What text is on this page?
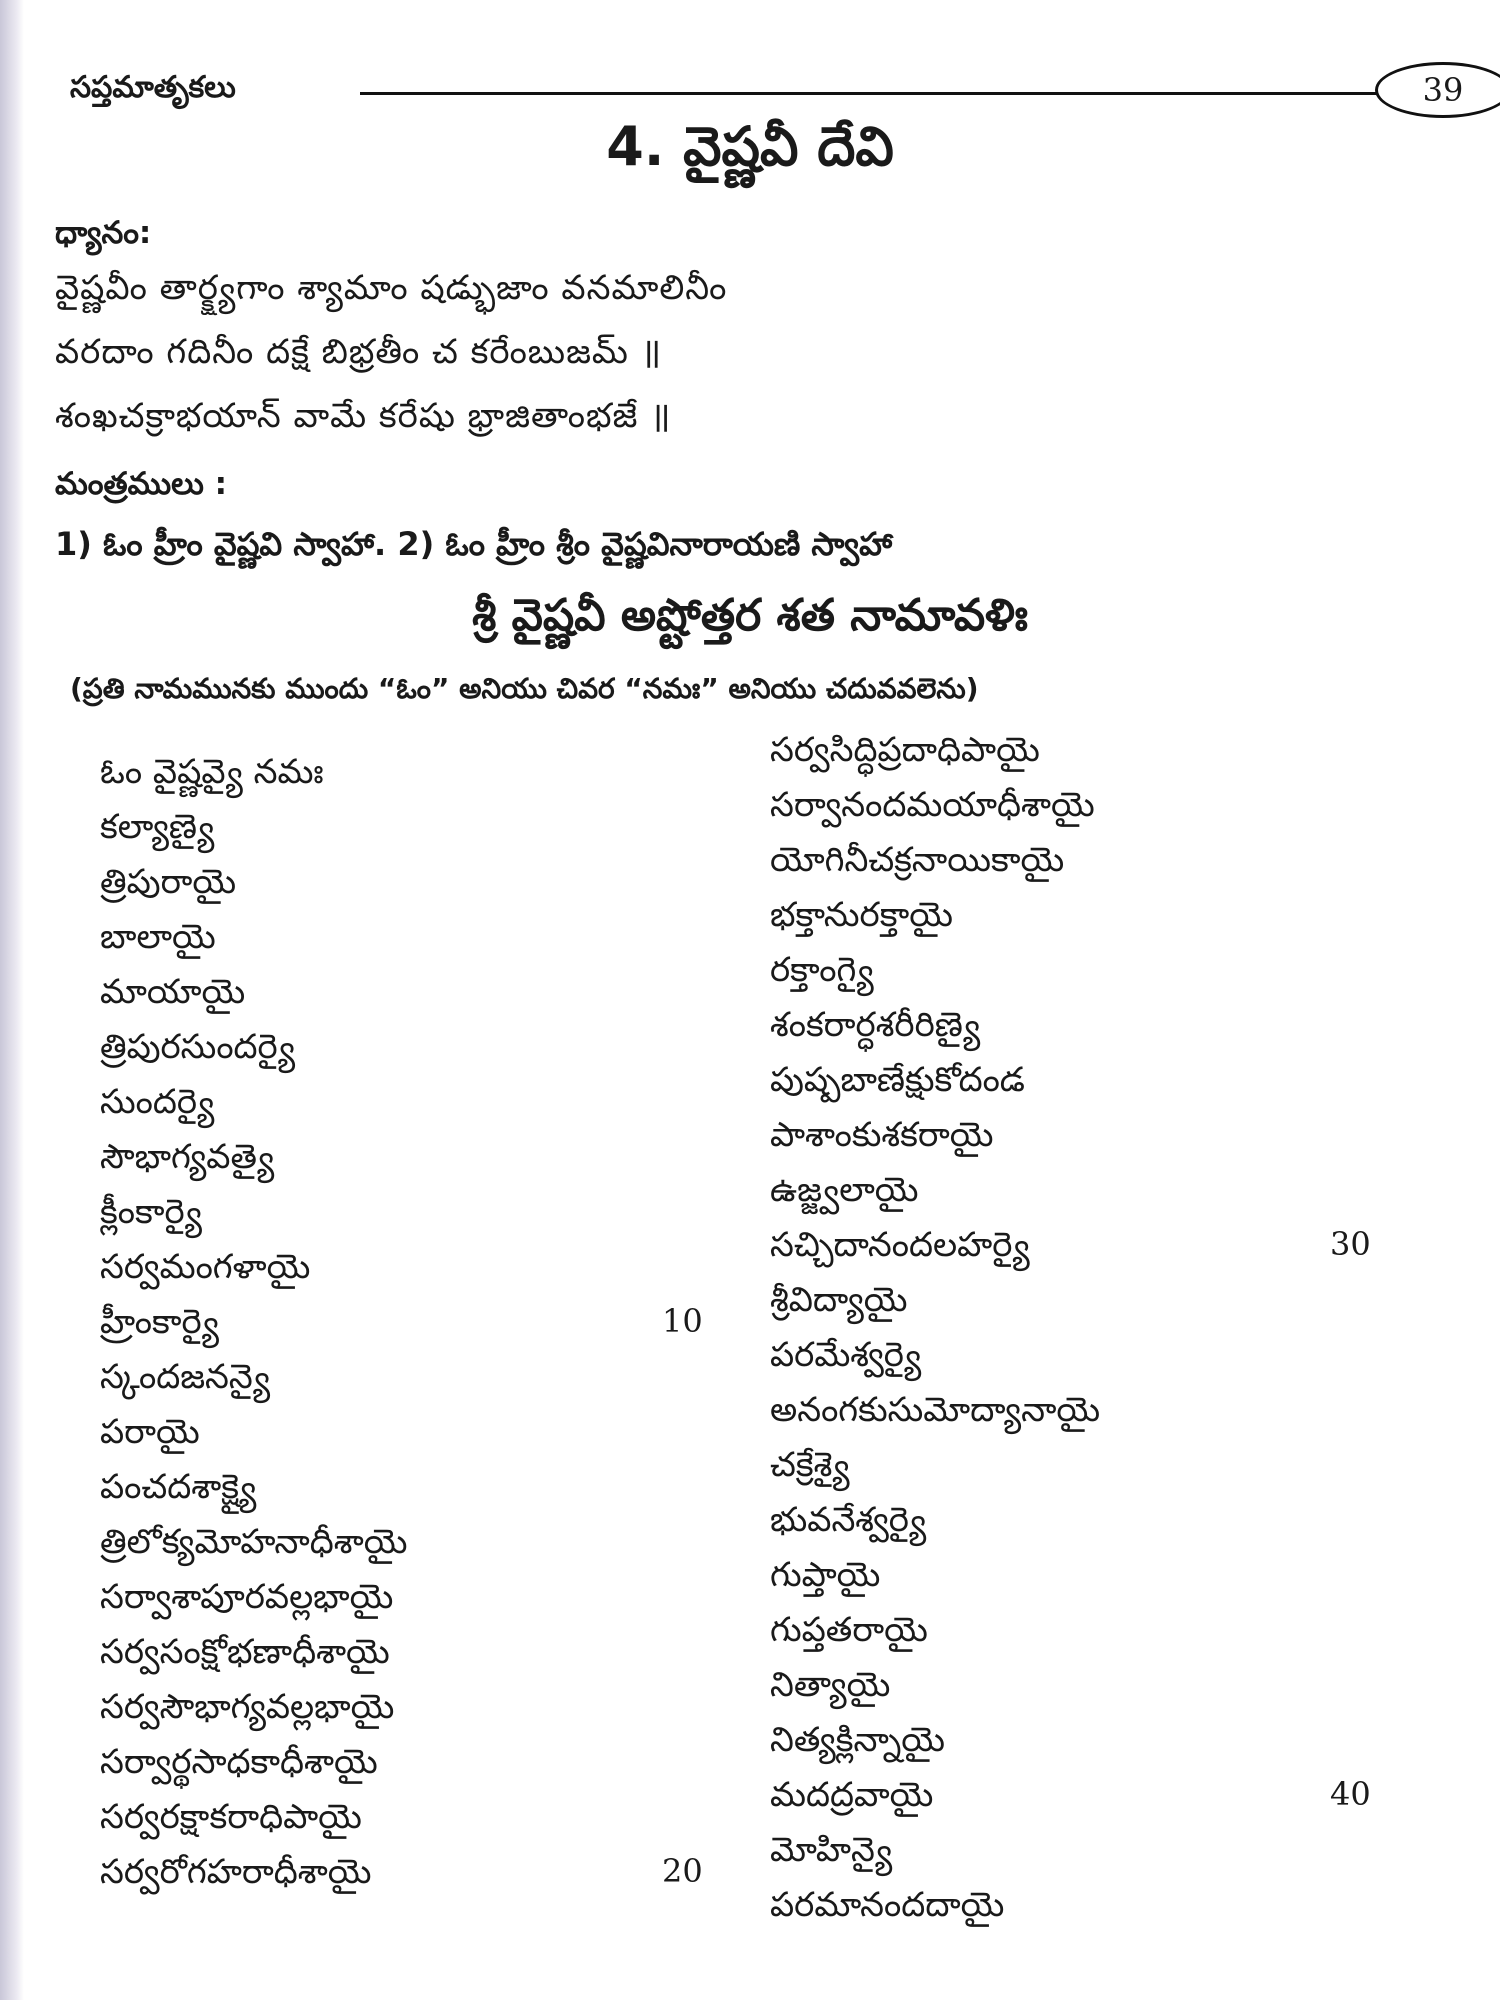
సప్తమాతృకలు	39
4. వైష్ణవీ దేవి
ధ్యానం:
వైష్ణవీం తార్క్ష్యగాం శ్యామాం షడ్భుజాం వనమాలినీం
వరదాం గదినీం దక్షే బిభ్రతీం చ కరేంబుజమ్ ॥
శంఖచక్రాభయాన్ వామే కరేషు భ్రాజితాంభజే ॥
మంత్రములు :
1) ఓం హ్రీం వైష్ణవి స్వాహా. 2) ఓం హ్రీం శ్రీం వైష్ణవినారాయణి స్వాహా
శ్రీ వైష్ణవీ అష్టోత్తర శత నామావళిః
(ప్రతి నామమునకు ముందు “ఓం” అనియు చివర “నమః” అనియు చదువవలెను)
ఓం వైష్ణవ్యై నమః
కల్యాణ్యై
త్రిపురాయై
బాలాయై
మాయాయై
త్రిపురసుందర్యై
సుందర్యై
సౌభాగ్యవత్యై
క్లీంకార్యై
సర్వమంగళాయై
హ్రీంకార్యై
స్కందజనన్యై
పరాయై
పంచదశాక్ష్యై
త్రిలోక్యమోహనాధీశాయై
సర్వాశాపూరవల్లభాయై
సర్వసంక్షోభణాధీశాయై
సర్వసౌభాగ్యవల్లభాయై
సర్వార్థసాధకాధీశాయై
సర్వరక్షాకరాధిపాయై
సర్వరోగహరాధీశాయై
10
20
సర్వసిద్ధిప్రదాధిపాయై
సర్వానందమయాధీశాయై
యోగినీచక్రనాయికాయై
భక్తానురక్తాయై
రక్తాంగ్యై
శంకరార్ధశరీరిణ్యై
పుష్పబాణేక్షుకోదండ
పాశాంకుశకరాయై
ఉజ్జ్వలాయై
సచ్చిదానందలహర్యై
శ్రీవిద్యాయై
పరమేశ్వర్యై
అనంగకుసుమోద్యానాయై
చక్రేశ్యై
భువనేశ్వర్యై
గుప్తాయై
గుప్తతరాయై
నిత్యాయై
నిత్యక్లిన్నాయై
మదద్రవాయై
మోహిన్యై
పరమానందదాయై
30
40
